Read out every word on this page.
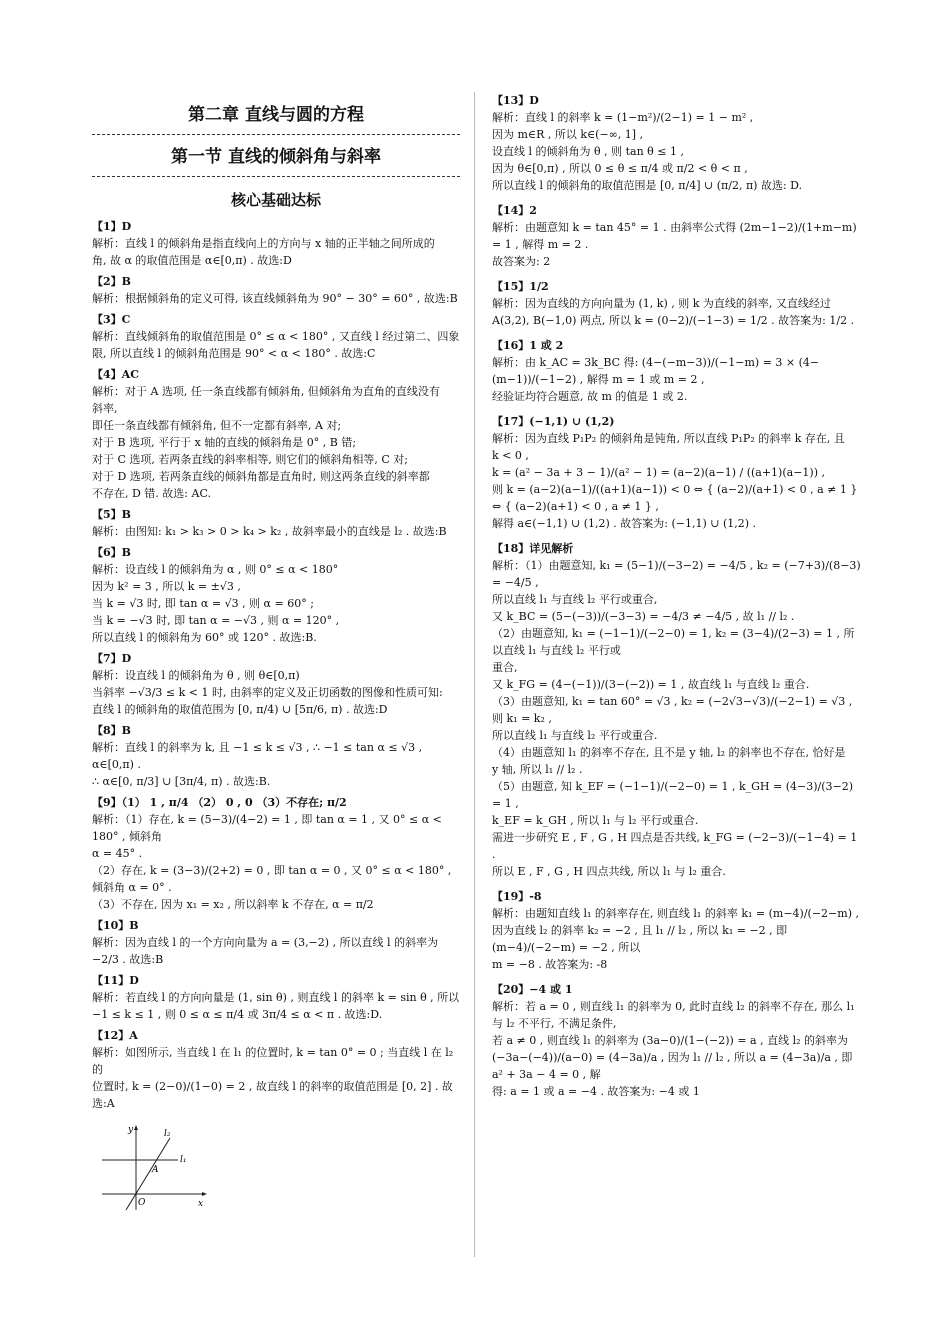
第二章 直线与圆的方程
第一节 直线的倾斜角与斜率
核心基础达标

【1】D

解析：直线 l 的倾斜角是指直线向上的方向与 x 轴的正半轴之间所成的

角, 故 α 的取值范围是 α∈[0,π) . 故选:D

【2】B

解析：根据倾斜角的定义可得, 该直线倾斜角为 90° − 30° = 60° , 故选:B

【3】C

解析：直线倾斜角的取值范围是 0° ≤ α < 180° , 又直线 l 经过第二、四象

限, 所以直线 l 的倾斜角范围是 90° < α < 180° . 故选:C

【4】AC

解析：对于 A 选项, 任一条直线都有倾斜角, 但倾斜角为直角的直线没有

斜率,

即任一条直线都有倾斜角, 但不一定都有斜率, A 对;

对于 B 选项, 平行于 x 轴的直线的倾斜角是 0° , B 错;

对于 C 选项, 若两条直线的斜率相等, 则它们的倾斜角相等, C 对;

对于 D 选项, 若两条直线的倾斜角都是直角时, 则这两条直线的斜率都

不存在, D 错. 故选: AC.

【5】B

解析：由图知: k₁ > k₃ > 0 > k₄ > k₂ , 故斜率最小的直线是 l₂ . 故选:B

【6】B

解析：设直线 l 的倾斜角为 α , 则 0° ≤ α < 180°

因为 k² = 3 , 所以 k = ±√3 ,

当 k = √3 时, 即 tan α = √3 , 则 α = 60° ;

当 k = −√3 时, 即 tan α = −√3 , 则 α = 120° ,

所以直线 l 的倾斜角为 60° 或 120° . 故选:B.

【7】D

解析：设直线 l 的倾斜角为 θ , 则 θ∈[0,π)

当斜率 −√3/3 ≤ k < 1 时, 由斜率的定义及正切函数的图像和性质可知:

直线 l 的倾斜角的取值范围为 [0, π/4) ∪ [5π/6, π) . 故选:D

【8】B

解析：直线 l 的斜率为 k, 且 −1 ≤ k ≤ √3 , ∴ −1 ≤ tan α ≤ √3 , α∈[0,π) .

∴ α∈[0, π/3] ∪ [3π/4, π) . 故选:B.

【9】（1） 1 , π/4 （2） 0 , 0 （3）不存在; π/2

解析：（1）存在, k = (5−3)/(4−2) = 1 , 即 tan α = 1 , 又 0° ≤ α < 180° , 倾斜角

α = 45° .

（2）存在, k = (3−3)/(2+2) = 0 , 即 tan α = 0 , 又 0° ≤ α < 180° , 倾斜角 α = 0° .

（3）不存在, 因为 x₁ = x₂ , 所以斜率 k 不存在, α = π/2

【10】B

解析：因为直线 l 的一个方向向量为 a = (3,−2) , 所以直线 l 的斜率为

−2/3 . 故选:B

【11】D

解析：若直线 l 的方向向量是 (1, sin θ) , 则直线 l 的斜率 k = sin θ , 所以

−1 ≤ k ≤ 1 , 则 0 ≤ α ≤ π/4 或 3π/4 ≤ α < π . 故选:D.

【12】A

解析：如图所示, 当直线 l 在 l₁ 的位置时, k = tan 0° = 0 ; 当直线 l 在 l₂ 的

位置时, k = (2−0)/(1−0) = 2 , 故直线 l 的斜率的取值范围是 [0, 2] . 故选:A

y
x
O
A
l₁
l₂

【13】D

解析：直线 l 的斜率 k = (1−m²)/(2−1) = 1 − m² ,

因为 m∈R , 所以 k∈(−∞, 1] ,

设直线 l 的倾斜角为 θ , 则 tan θ ≤ 1 ,

因为 θ∈[0,π) , 所以 0 ≤ θ ≤ π/4 或 π/2 < θ < π ,

所以直线 l 的倾斜角的取值范围是 [0, π/4] ∪ (π/2, π) 故选: D.

【14】2

解析：由题意知 k = tan 45° = 1 . 由斜率公式得 (2m−1−2)/(1+m−m) = 1 , 解得 m = 2 .

故答案为: 2

【15】1/2

解析：因为直线的方向向量为 (1, k) , 则 k 为直线的斜率, 又直线经过

A(3,2), B(−1,0) 两点, 所以 k = (0−2)/(−1−3) = 1/2 . 故答案为: 1/2 .

【16】1 或 2

解析：由 k_AC = 3k_BC 得: (4−(−m−3))/(−1−m) = 3 × (4−(m−1))/(−1−2) , 解得 m = 1 或 m = 2 ,

经验证均符合题意, 故 m 的值是 1 或 2.

【17】(−1,1) ∪ (1,2)

解析：因为直线 P₁P₂ 的倾斜角是钝角, 所以直线 P₁P₂ 的斜率 k 存在, 且

k < 0 ,

k = (a² − 3a + 3 − 1)/(a² − 1) = (a−2)(a−1) / ((a+1)(a−1)) ,

则 k = (a−2)(a−1)/((a+1)(a−1)) < 0 ⇔ { (a−2)/(a+1) < 0 , a ≠ 1 } ⇔ { (a−2)(a+1) < 0 , a ≠ 1 } ,

解得 a∈(−1,1) ∪ (1,2) . 故答案为: (−1,1) ∪ (1,2) .

【18】详见解析

解析：（1）由题意知, k₁ = (5−1)/(−3−2) = −4/5 , k₂ = (−7+3)/(8−3) = −4/5 ,

所以直线 l₁ 与直线 l₂ 平行或重合,

又 k_BC = (5−(−3))/(−3−3) = −4/3 ≠ −4/5 , 故 l₁ // l₂ .

（2）由题意知, k₁ = (−1−1)/(−2−0) = 1, k₂ = (3−4)/(2−3) = 1 , 所以直线 l₁ 与直线 l₂ 平行或

重合,

又 k_FG = (4−(−1))/(3−(−2)) = 1 , 故直线 l₁ 与直线 l₂ 重合.

（3）由题意知, k₁ = tan 60° = √3 , k₂ = (−2√3−√3)/(−2−1) = √3 , 则 k₁ = k₂ ,

所以直线 l₁ 与直线 l₂ 平行或重合.

（4）由题意知 l₁ 的斜率不存在, 且不是 y 轴, l₂ 的斜率也不存在, 恰好是

y 轴, 所以 l₁ // l₂ .

（5）由题意, 知 k_EF = (−1−1)/(−2−0) = 1 , k_GH = (4−3)/(3−2) = 1 ,

k_EF = k_GH , 所以 l₁ 与 l₂ 平行或重合.

需进一步研究 E , F , G , H 四点是否共线, k_FG = (−2−3)/(−1−4) = 1 .

所以 E , F , G , H 四点共线, 所以 l₁ 与 l₂ 重合.

【19】-8

解析：由题知直线 l₁ 的斜率存在, 则直线 l₁ 的斜率 k₁ = (m−4)/(−2−m) ,

因为直线 l₂ 的斜率 k₂ = −2 , 且 l₁ // l₂ , 所以 k₁ = −2 , 即 (m−4)/(−2−m) = −2 , 所以

m = −8 . 故答案为: -8

【20】−4 或 1

解析：若 a = 0 , 则直线 l₁ 的斜率为 0, 此时直线 l₂ 的斜率不存在, 那么 l₁

与 l₂ 不平行, 不满足条件,

若 a ≠ 0 , 则直线 l₁ 的斜率为 (3a−0)/(1−(−2)) = a , 直线 l₂ 的斜率为

(−3a−(−4))/(a−0) = (4−3a)/a , 因为 l₁ // l₂ , 所以 a = (4−3a)/a , 即 a² + 3a − 4 = 0 , 解

得: a = 1 或 a = −4 . 故答案为: −4 或 1
